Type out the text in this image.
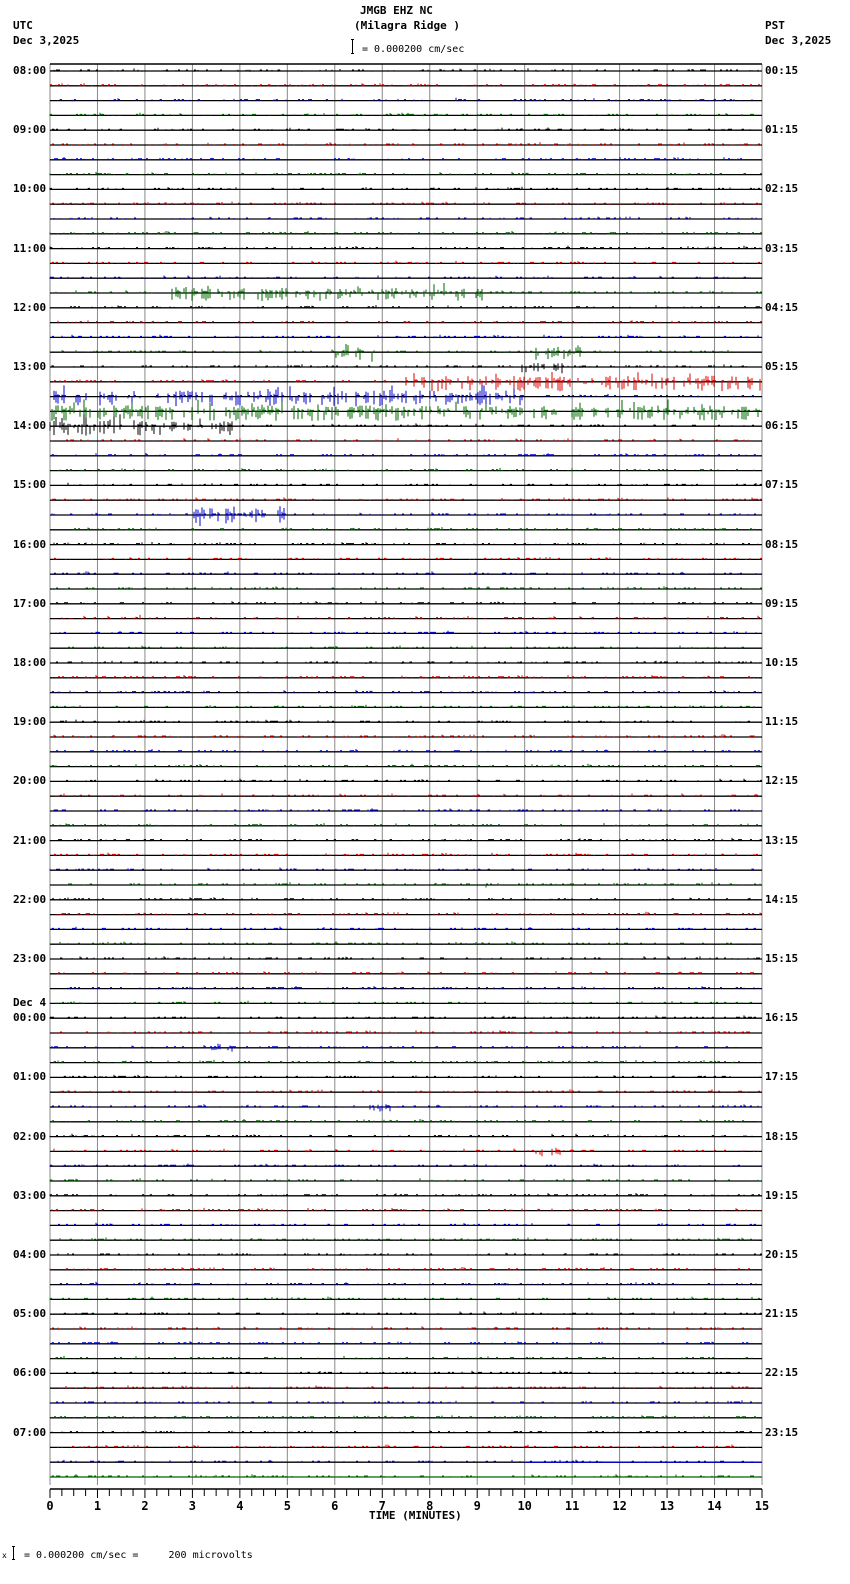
JMGB EHZ NC
(Milagra Ridge )
UTC
Dec 3,2025
PST
Dec 3,2025
= 0.000200 cm/sec
0	1	2	3	4	5	6	7	8	9	10	11	12	13	14	15
08:00	00:15
09:00	01:15
10:00	02:15
11:00	03:15
12:00	04:15
13:00	05:15
14:00	06:15
15:00	07:15
16:00	08:15
17:00	09:15
18:00	10:15
19:00	11:15
20:00	12:15
21:00	13:15
22:00	14:15
23:00	15:15
00:00	16:15
Dec 4
01:00	17:15
02:00	18:15
03:00	19:15
04:00	20:15
05:00	21:15
06:00	22:15
07:00	23:15
TIME (MINUTES)
x = 0.000200 cm/sec =     200 microvolts
